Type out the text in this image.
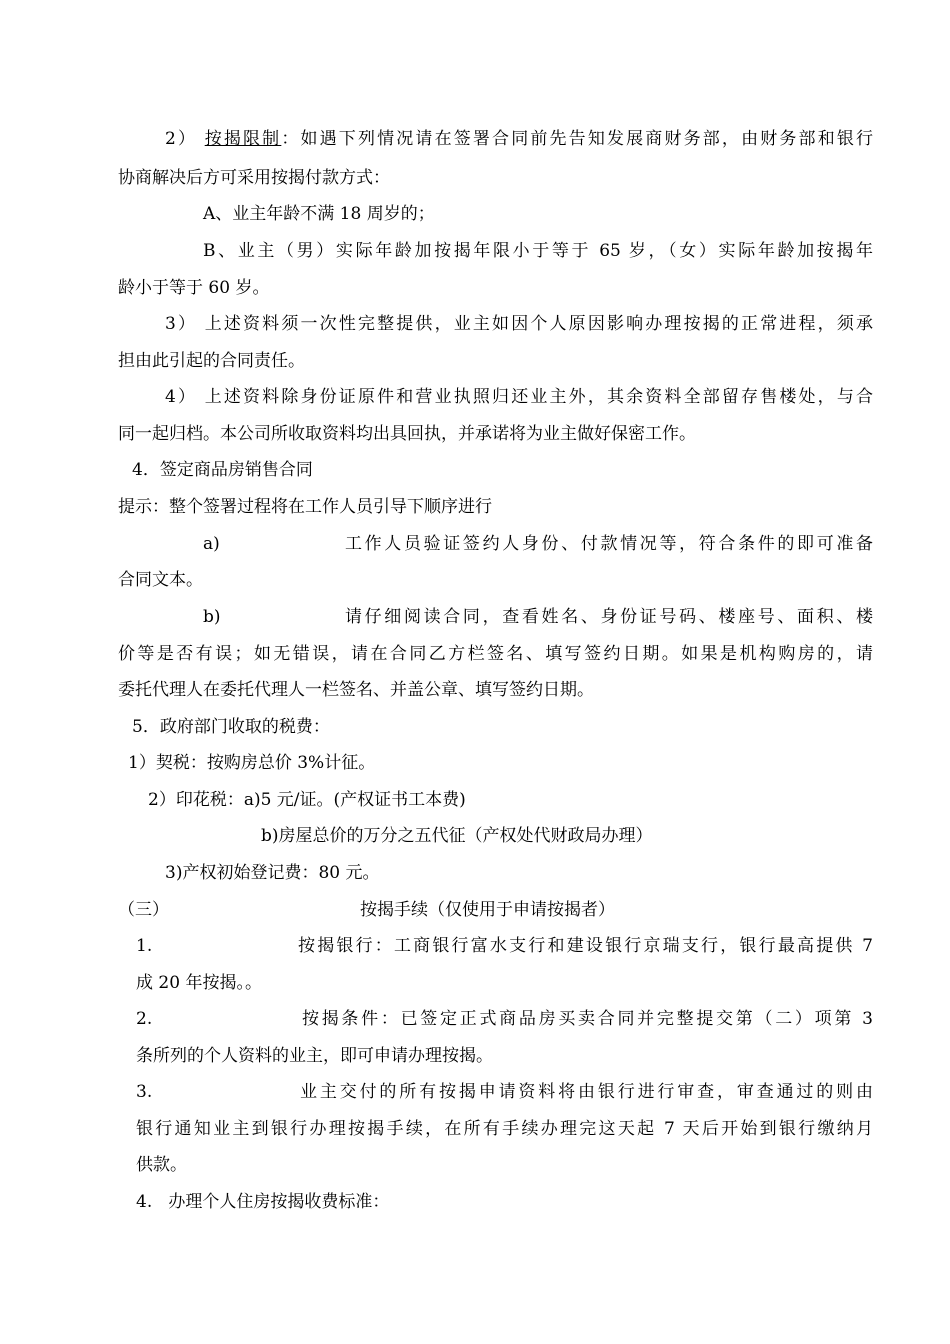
2） 按揭限制：如遇下列情况请在签署合同前先告知发展商财务部，由财务部和银行
协商解决后方可采用按揭付款方式：
A、业主年龄不满 18 周岁的；
B、业主（男）实际年龄加按揭年限小于等于 65 岁，（女）实际年龄加按揭年
龄小于等于 60 岁。
3） 上述资料须一次性完整提供，业主如因个人原因影响办理按揭的正常进程，须承
担由此引起的合同责任。
4） 上述资料除身份证原件和营业执照归还业主外，其余资料全部留存售楼处，与合
同一起归档。本公司所收取资料均出具回执，并承诺将为业主做好保密工作。
4．签定商品房销售合同
提示：整个签署过程将在工作人员引导下顺序进行
a)	工作人员验证签约人身份、付款情况等，符合条件的即可准备
合同文本。
b)	请仔细阅读合同，查看姓名、身份证号码、楼座号、面积、楼
价等是否有误；如无错误，请在合同乙方栏签名、填写签约日期。如果是机构购房的，请
委托代理人在委托代理人一栏签名、并盖公章、填写签约日期。
5．政府部门收取的税费：
1）契税：按购房总价 3%计征。
2）印花税：a)5 元/证。(产权证书工本费)
b)房屋总价的万分之五代征（产权处代财政局办理）
3)产权初始登记费：80 元。
（三）	按揭手续（仅使用于申请按揭者）
1.	按揭银行：工商银行富水支行和建设银行京瑞支行，银行最高提供 7
成 20 年按揭。。
2.	按揭条件：已签定正式商品房买卖合同并完整提交第（二）项第 3
条所列的个人资料的业主，即可申请办理按揭。
3.	业主交付的所有按揭申请资料将由银行进行审查，审查通过的则由
银行通知业主到银行办理按揭手续，在所有手续办理完这天起 7 天后开始到银行缴纳月
供款。
4.   办理个人住房按揭收费标准：
